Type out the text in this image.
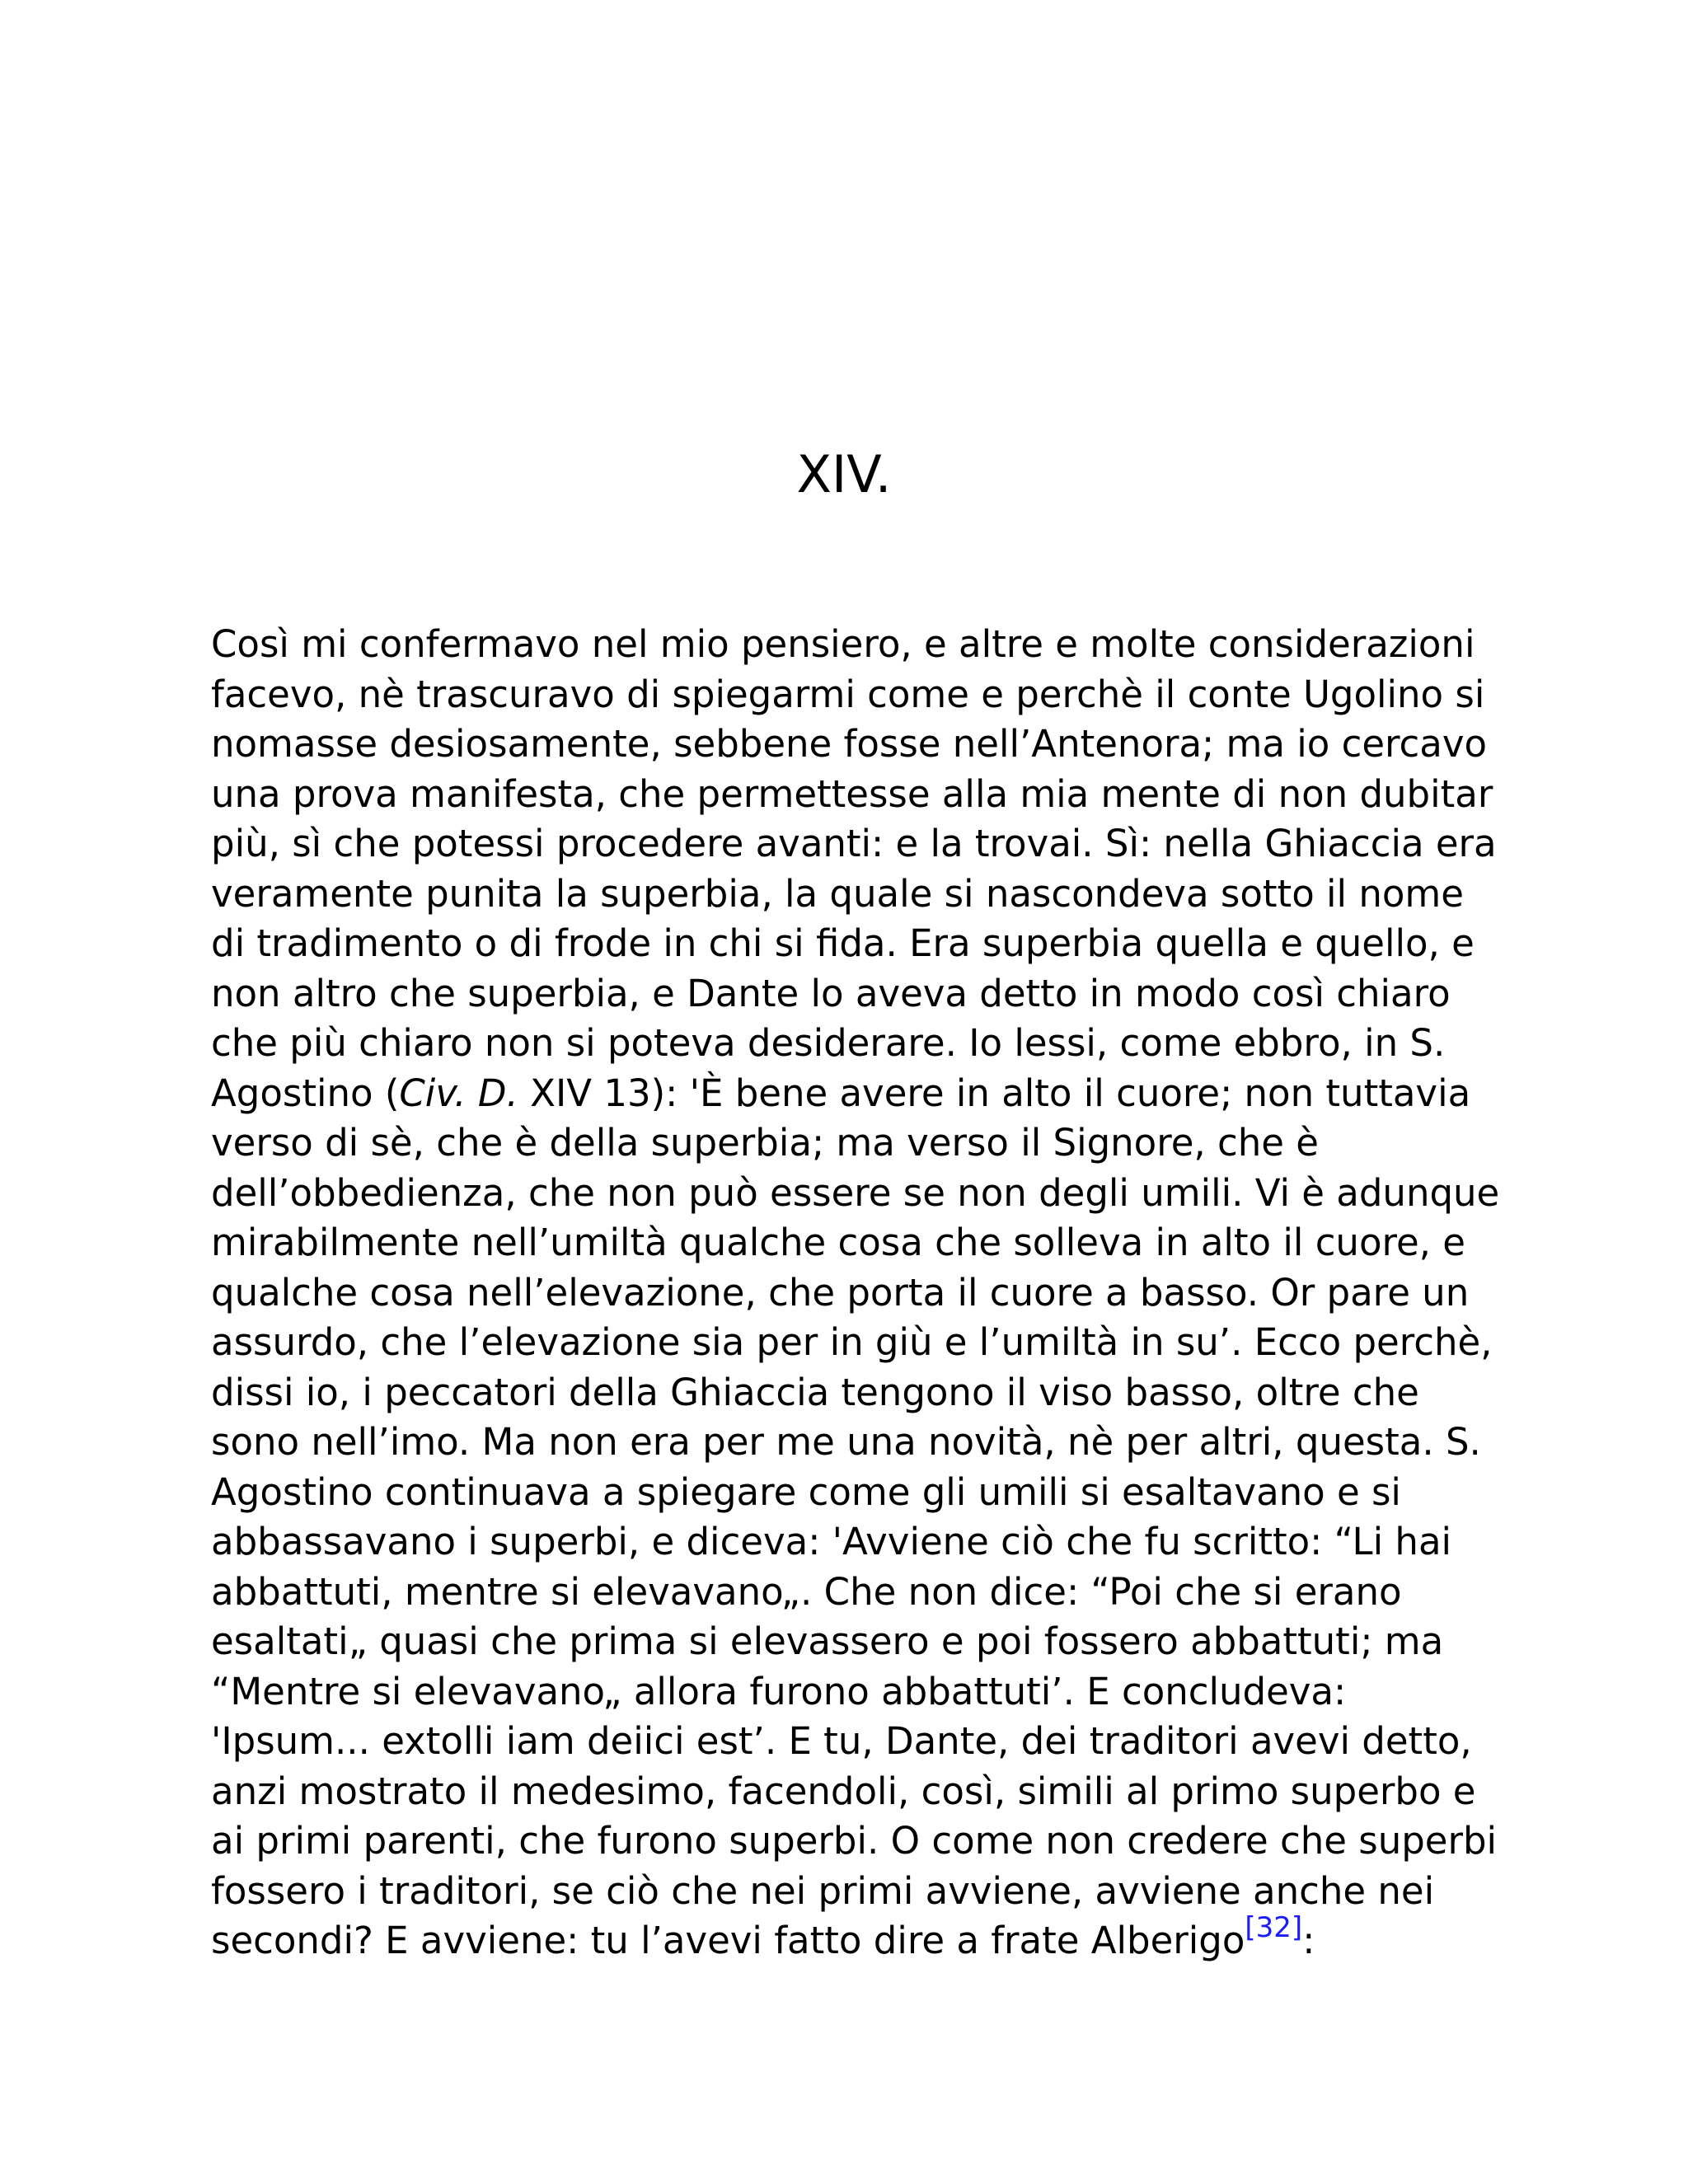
XIV.
Così mi confermavo nel mio pensiero, e altre e molte considerazioni
facevo, nè trascuravo di spiegarmi come e perchè il conte Ugolino si
nomasse desiosamente, sebbene fosse nell’Antenora; ma io cercavo
una prova manifesta, che permettesse alla mia mente di non dubitar
più, sì che potessi procedere avanti: e la trovai. Sì: nella Ghiaccia era
veramente punita la superbia, la quale si nascondeva sotto il nome
di tradimento o di frode in chi si fida. Era superbia quella e quello, e
non altro che superbia, e Dante lo aveva detto in modo così chiaro
che più chiaro non si poteva desiderare. Io lessi, come ebbro, in S.
Agostino (Civ. D. XIV 13): 'È bene avere in alto il cuore; non tuttavia
verso di sè, che è della superbia; ma verso il Signore, che è
dell’obbedienza, che non può essere se non degli umili. Vi è adunque
mirabilmente nell’umiltà qualche cosa che solleva in alto il cuore, e
qualche cosa nell’elevazione, che porta il cuore a basso. Or pare un
assurdo, che l’elevazione sia per in giù e l’umiltà in su’. Ecco perchè,
dissi io, i peccatori della Ghiaccia tengono il viso basso, oltre che
sono nell’imo. Ma non era per me una novità, nè per altri, questa. S.
Agostino continuava a spiegare come gli umili si esaltavano e si
abbassavano i superbi, e diceva: 'Avviene ciò che fu scritto: “Li hai
abbattuti, mentre si elevavano„. Che non dice: “Poi che si erano
esaltati„ quasi che prima si elevassero e poi fossero abbattuti; ma
“Mentre si elevavano„ allora furono abbattuti’. E concludeva:
'Ipsum... extolli iam deiici est’. E tu, Dante, dei traditori avevi detto,
anzi mostrato il medesimo, facendoli, così, simili al primo superbo e
ai primi parenti, che furono superbi. O come non credere che superbi
fossero i traditori, se ciò che nei primi avviene, avviene anche nei
secondi? E avviene: tu l’avevi fatto dire a frate Alberigo[32]:
